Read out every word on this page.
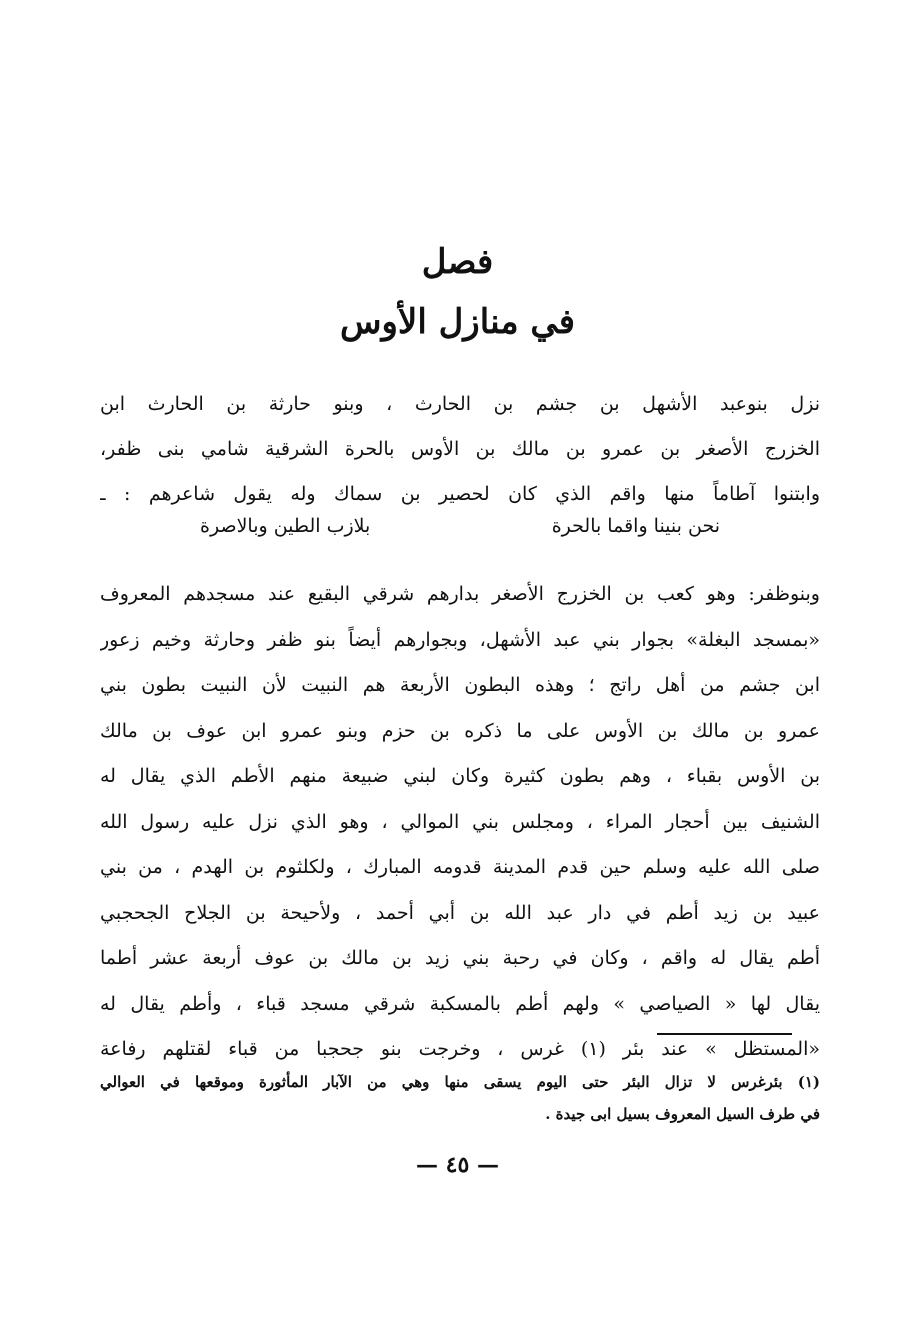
فصل
في منازل الأوس
نزل بنوعبد الأشهل بن جشم بن الحارث ، وبنو حارثة بن الحارث ابن
الخزرج الأصغر بن عمرو بن مالك بن الأوس بالحرة الشرقية شامي بنى ظفر،
وابتنوا آطاماً منها واقم الذي كان لحصير بن سماك وله يقول شاعرهم : ـ
نحن بنينا واقما بالحرة
بلازب الطين وبالاصرة
وبنوظفر: وهو كعب بن الخزرج الأصغر بدارهم شرقي البقيع عند مسجدهم المعروف
«بمسجد البغلة» بجوار بني عبد الأشهل، وبجوارهم أيضاً بنو ظفر وحارثة وخيم زعور
ابن جشم من أهل راتج ؛ وهذه البطون الأربعة هم النبيت لأن النبيت بطون بني
عمرو بن مالك بن الأوس على ما ذكره بن حزم وبنو عمرو ابن عوف بن مالك
بن الأوس بقباء ، وهم بطون كثيرة وكان لبني ضبيعة منهم الأطم الذي يقال له
الشنيف بين أحجار المراء ، ومجلس بني الموالي ، وهو الذي نزل عليه رسول الله
صلى الله عليه وسلم حين قدم المدينة قدومه المبارك ، ولكلثوم بن الهدم ، من بني
عبيد بن زيد أطم في دار عبد الله بن أبي أحمد ، ولأحيحة بن الجلاح الجحجبي
أطم يقال له واقم ، وكان في رحبة بني زيد بن مالك بن عوف أربعة عشر أطما
يقال لها « الصياصي » ولهم أطم بالمسكبة شرقي مسجد قباء ، وأطم يقال له
«المستظل » عند بئر (١) غرس ، وخرجت بنو جحجبا من قباء لقتلهم رفاعة
(١) بئرغرس لا تزال البئر حتى اليوم يسقى منها وهي من الآبار المأثورة وموقعها في العوالي
في طرف السيل المعروف بسيل ابى جيدة .
— ٤٥ —
